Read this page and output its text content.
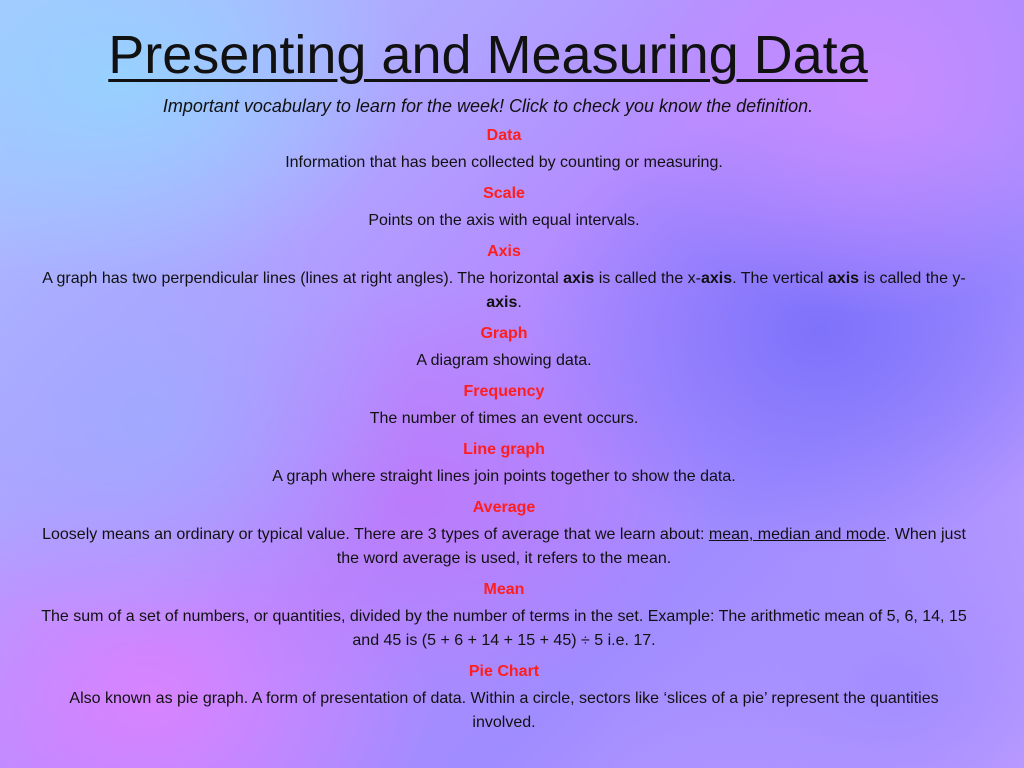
Presenting and Measuring Data
Important vocabulary to learn for the week! Click to check you know the definition.
Data
Information that has been collected by counting or measuring.
Scale
Points on the axis with equal intervals.
Axis
A graph has two perpendicular lines (lines at right angles). The horizontal axis is called the x-axis. The vertical axis is called the y-axis.
Graph
A diagram showing data.
Frequency
The number of times an event occurs.
Line graph
A graph where straight lines join points together to show the data.
Average
Loosely means an ordinary or typical value. There are 3 types of average that we learn about: mean, median and mode. When just the word average is used, it refers to the mean.
Mean
The sum of a set of numbers, or quantities, divided by the number of terms in the set. Example: The arithmetic mean of 5, 6, 14, 15 and 45 is (5 + 6 + 14 + 15 + 45) ÷ 5 i.e. 17.
Pie Chart
Also known as pie graph. A form of presentation of data. Within a circle, sectors like ‘slices of a pie’ represent the quantities involved.
